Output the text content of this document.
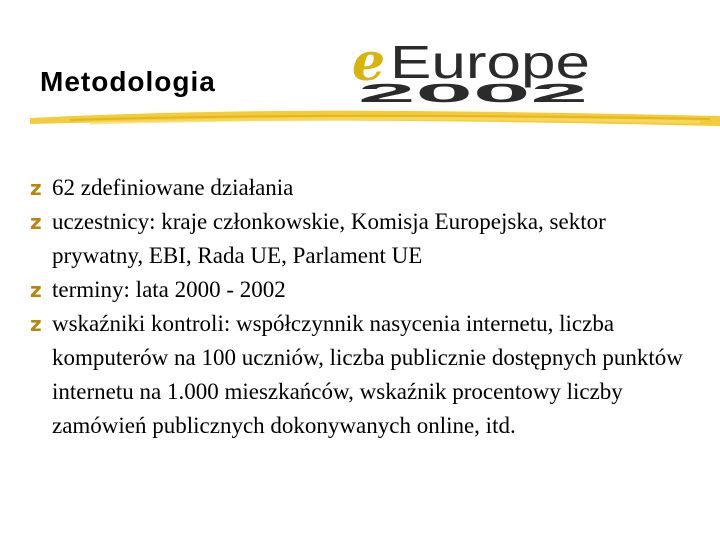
Metodologia	e Europe
2002
z 62 zdefiniowane działania
z uczestnicy: kraje członkowskie, Komisja Europejska, sektor prywatny, EBI, Rada UE, Parlament UE
z terminy: lata 2000 - 2002
z wskaźniki kontroli: współczynnik nasycenia internetu, liczba komputerów na 100 uczniów, liczba publicznie dostępnych punktów internetu na 1.000 mieszkańców, wskaźnik procentowy liczby zamówień publicznych dokonywanych online, itd.
